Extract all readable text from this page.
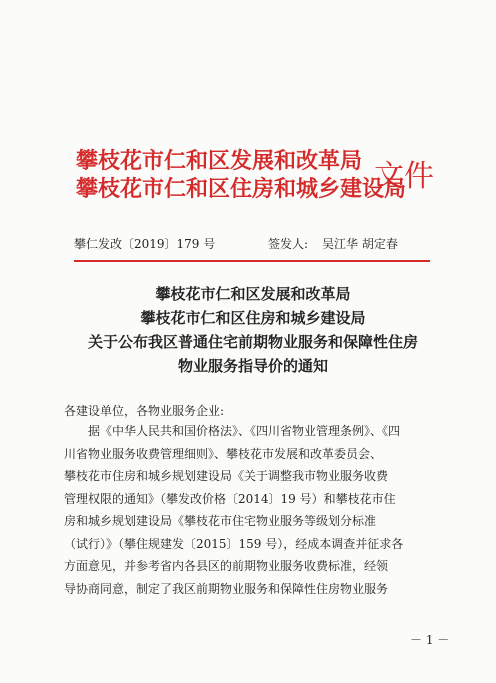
攀枝花市仁和区发展和改革局
攀枝花市仁和区住房和城乡建设局
文件
攀仁发改〔2019〕179 号	签发人: 吴江华 胡定春
攀枝花市仁和区发展和改革局
攀枝花市仁和区住房和城乡建设局
关于公布我区普通住宅前期物业服务和保障性住房
物业服务指导价的通知
各建设单位，各物业服务企业:
据《中华人民共和国价格法》、《四川省物业管理条例》、《四
川省物业服务收费管理细则》、攀枝花市发展和改革委员会、
攀枝花市住房和城乡规划建设局《关于调整我市物业服务收费
管理权限的通知》（攀发改价格〔2014〕19 号）和攀枝花市住
房和城乡规划建设局《攀枝花市住宅物业服务等级划分标准
（试行）》（攀住规建发〔2015〕159 号），经成本调查并征求各
方面意见，并参考省内各县区的前期物业服务收费标准，经领
导协商同意，制定了我区前期物业服务和保障性住房物业服务
－ 1 －
